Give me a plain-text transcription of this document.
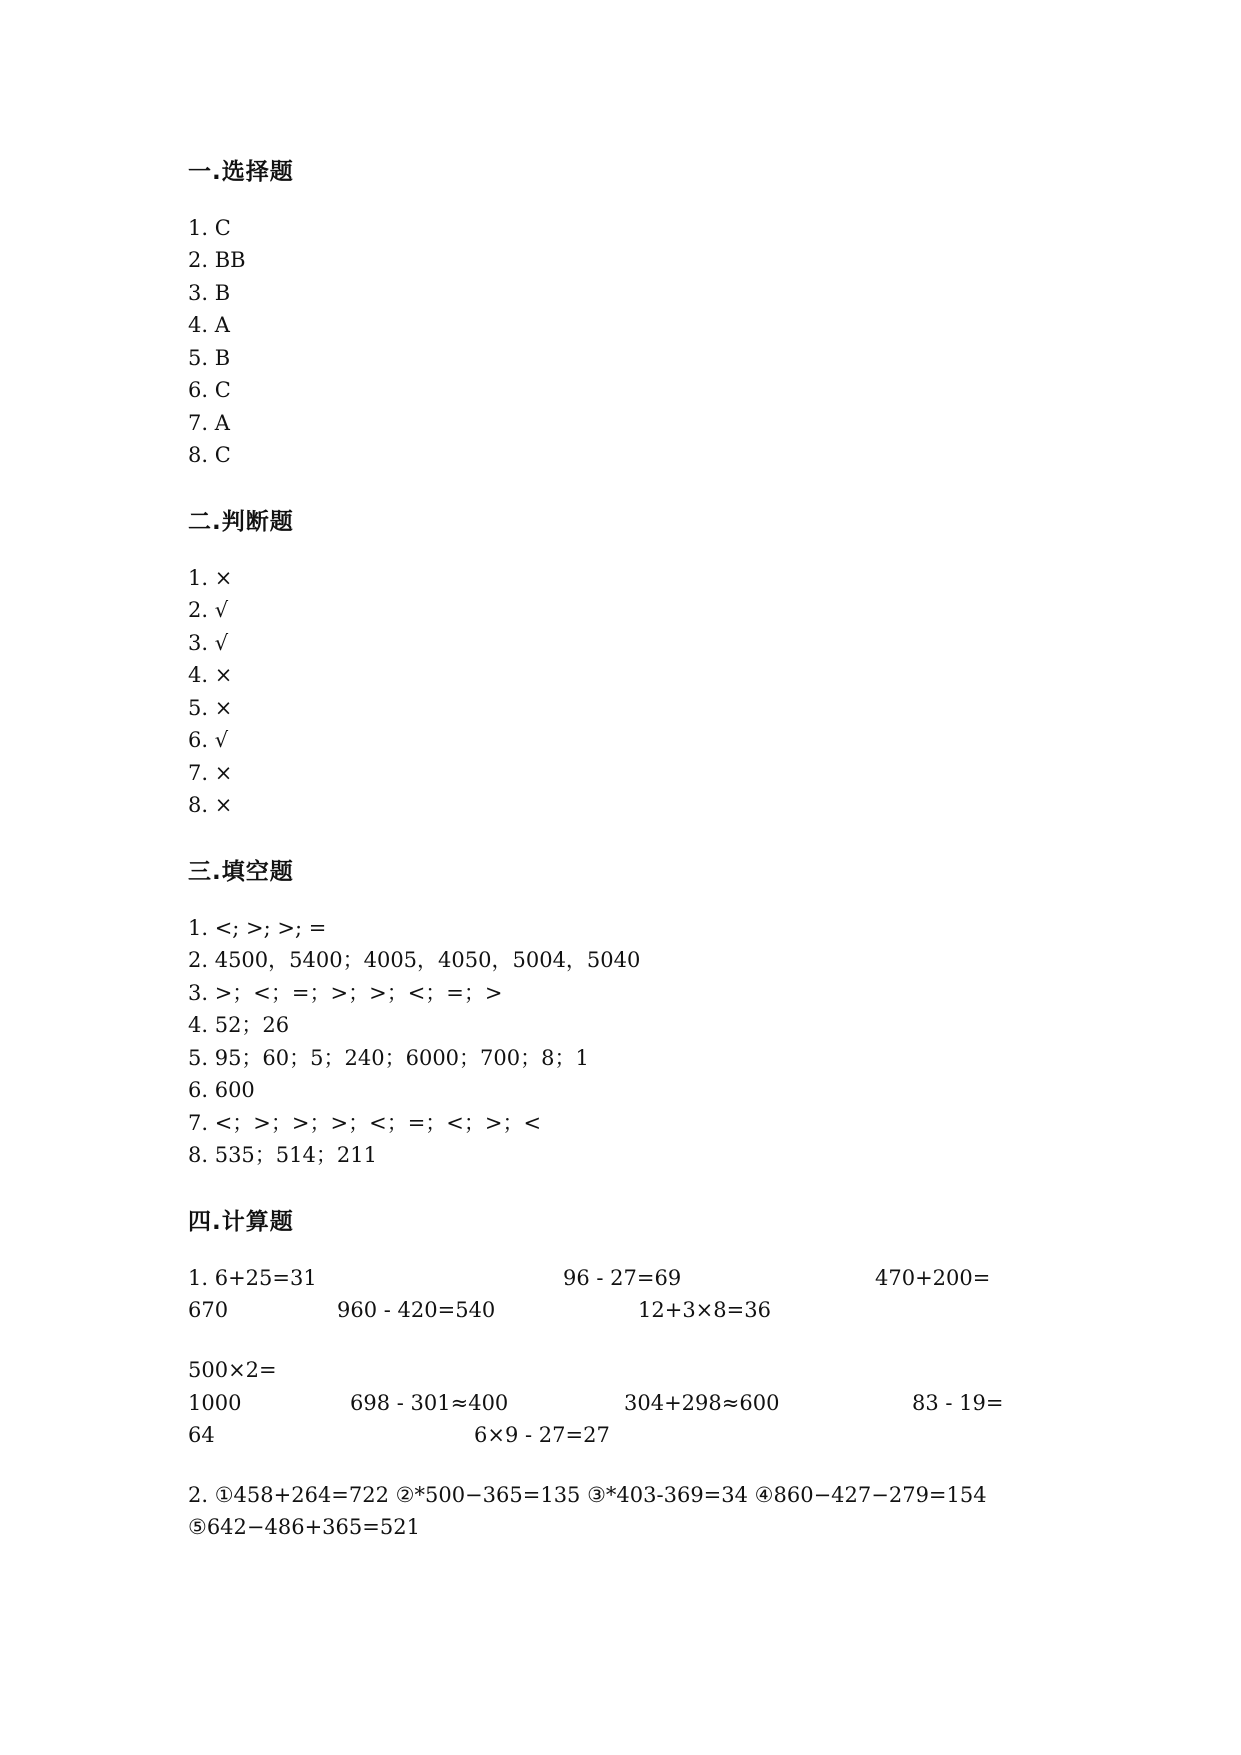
一.选择题
1. C
2. BB
3. B
4. A
5. B
6. C
7. A
8. C
二.判断题
1. ×
2. √
3. √
4. ×
5. ×
6. √
7. ×
8. ×
三.填空题
1. <; >; >; =
2. 4500，5400；4005，4050，5004，5040
3. >；<；=；>；>；<；=；>
4. 52；26
5. 95；60；5；240；6000；700；8；1
6. 600
7. <；>；>；>；<；=；<；>；<
8. 535；514；211
四.计算题
1. 6+25=31	96 - 27=69	470+200=
670	960 - 420=540	12+3×8=36
500×2=
1000	698 - 301≈400	304+298≈600	83 - 19=
64	6×9 - 27=27
2. ①458+264=722 ②*500−365=135 ③*403-369=34 ④860−427−279=154
⑤642−486+365=521
